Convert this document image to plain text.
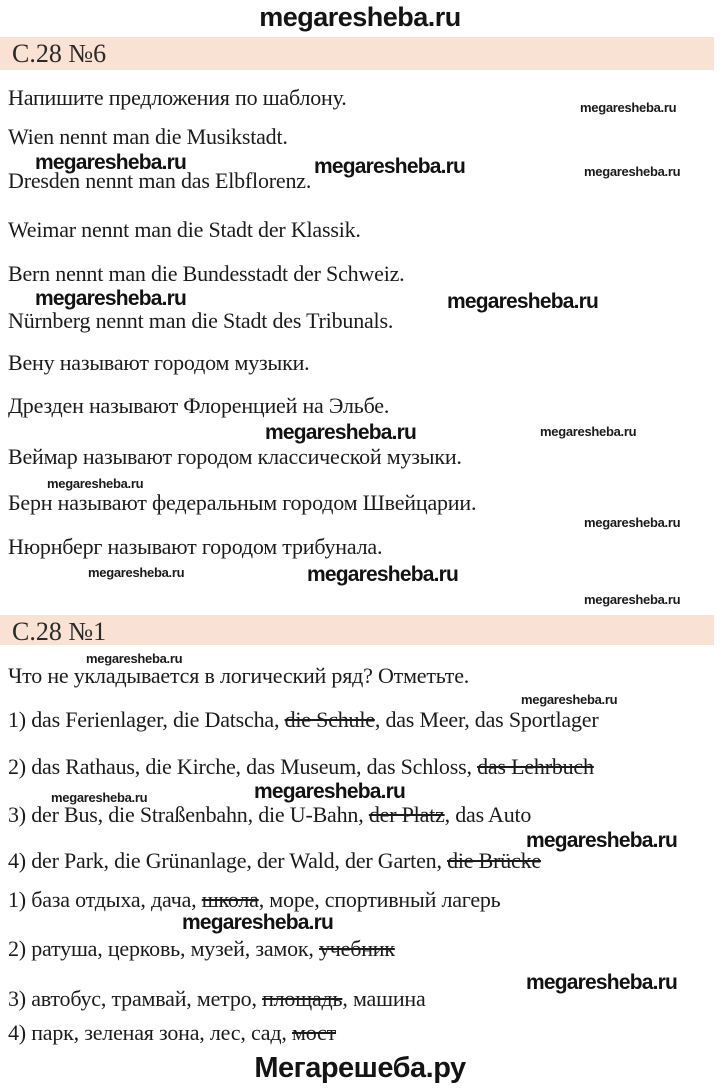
megaresheba.ru
С.28 №6
Напишите предложения по шаблону.
Wien nennt man die Musikstadt.
Dresden nennt man das Elbflorenz.
Weimar nennt man die Stadt der Klassik.
Bern nennt man die Bundesstadt der Schweiz.
Nürnberg nennt man die Stadt des Tribunals.
Вену называют городом музыки.
Дрезден называют Флоренцией на Эльбе.
Веймар называют городом классической музыки.
Берн называют федеральным городом Швейцарии.
Нюрнберг называют городом трибунала.
С.28 №1
Что не укладывается в логический ряд? Отметьте.
1) das Ferienlager, die Datscha, die Schule, das Meer, das Sportlager
2) das Rathaus, die Kirche, das Museum, das Schloss, das Lehrbuch
3) der Bus, die Straßenbahn, die U-Bahn, der Platz, das Auto
4) der Park, die Grünanlage, der Wald, der Garten, die Brücke
1) база отдыха, дача, школа, море, спортивный лагерь
2) ратуша, церковь, музей, замок, учебник
3) автобус, трамвай, метро, площадь, машина
4) парк, зеленая зона, лес, сад, мост
megaresheba.ru
megaresheba.ru	megaresheba.ru	megaresheba.ru
megaresheba.ru	megaresheba.ru
megaresheba.ru	megaresheba.ru
megaresheba.ru
megaresheba.ru
megaresheba.ru	megaresheba.ru
megaresheba.ru
megaresheba.ru
megaresheba.ru
megaresheba.ru
megaresheba.ru
megaresheba.ru
megaresheba.ru
megaresheba.ru
Мегарешеба.ру
